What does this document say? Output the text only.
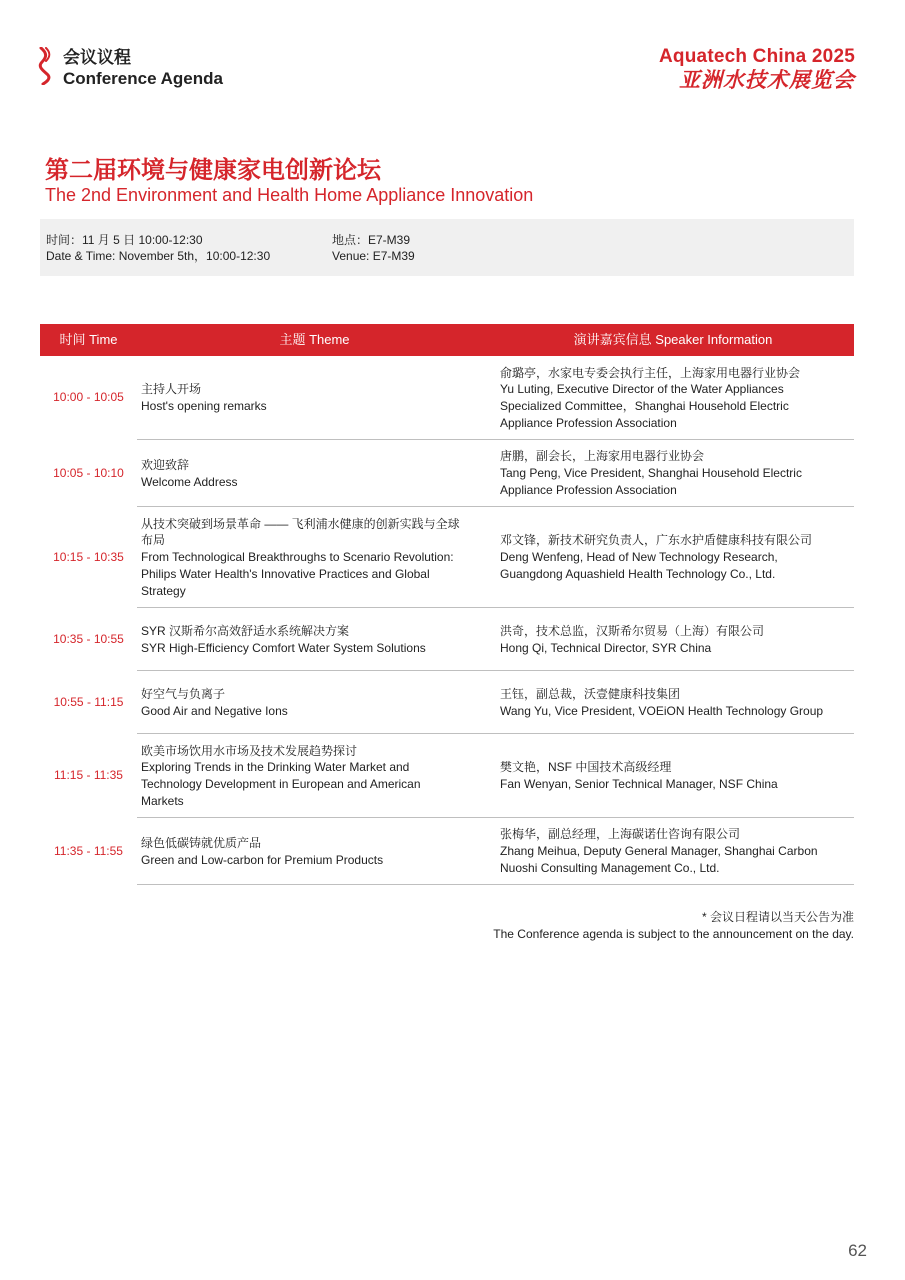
会议议程
Conference Agenda
Aquatech China 2025
亚洲水技术展览会
第二届环境与健康家电创新论坛
The 2nd Environment and Health Home Appliance Innovation
时间：11 月 5 日 10:00-12:30
Date & Time: November 5th，10:00-12:30
地点：E7-M39
Venue: E7-M39
时间 Time	主题 Theme	演讲嘉宾信息 Speaker Information
10:00 - 10:05
主持人开场
Host's opening remarks
俞璐亭，水家电专委会执行主任，上海家用电器行业协会
Yu Luting, Executive Director of the Water Appliances
Specialized Committee，Shanghai Household Electric
Appliance Profession Association
10:05 - 10:10
欢迎致辞
Welcome Address
唐鹏，副会长，上海家用电器行业协会
Tang Peng, Vice President, Shanghai Household Electric
Appliance Profession Association
10:15 - 10:35
从技术突破到场景革命 —— 飞利浦水健康的创新实践与全球
布局
From Technological Breakthroughs to Scenario Revolution:
Philips Water Health's Innovative Practices and Global
Strategy
邓文锋，新技术研究负责人，广东水护盾健康科技有限公司
Deng Wenfeng, Head of New Technology Research,
Guangdong Aquashield Health Technology Co., Ltd.
10:35 - 10:55
SYR 汉斯希尔高效舒适水系统解决方案
SYR High-Efficiency Comfort Water System Solutions
洪奇，技术总监，汉斯希尔贸易（上海）有限公司
Hong Qi, Technical Director, SYR China
10:55 - 11:15
好空气与负离子
Good Air and Negative Ions
王钰，副总裁，沃壹健康科技集团
Wang Yu, Vice President, VOEiON Health Technology Group
11:15 - 11:35
欧美市场饮用水市场及技术发展趋势探讨
Exploring Trends in the Drinking Water Market and
Technology Development in European and American
Markets
樊文艳，NSF 中国技术高级经理
Fan Wenyan, Senior Technical Manager, NSF China
11:35 - 11:55
绿色低碳铸就优质产品
Green and Low-carbon for Premium Products
张梅华，副总经理，上海碳诺仕咨询有限公司
Zhang Meihua, Deputy General Manager, Shanghai Carbon
Nuoshi Consulting Management Co., Ltd.
* 会议日程请以当天公告为准
The Conference agenda is subject to the announcement on the day.
62
